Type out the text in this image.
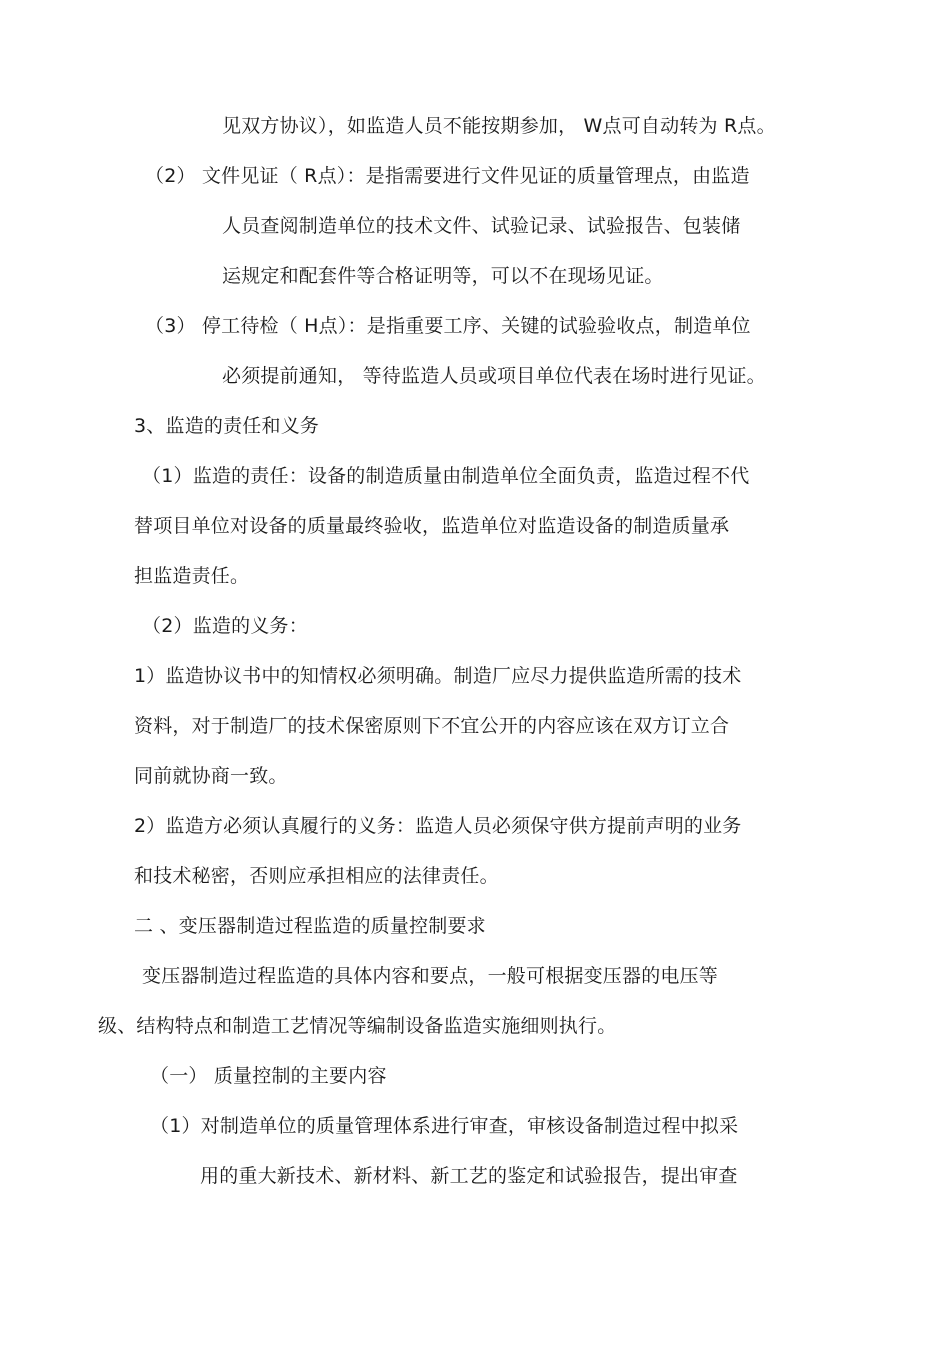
见双方协议），如监造人员不能按期参加， W点可自动转为 R点。
（2） 文件见证（ R点）：是指需要进行文件见证的质量管理点，由监造
人员查阅制造单位的技术文件、试验记录、试验报告、包装储
运规定和配套件等合格证明等，可以不在现场见证。
（3） 停工待检（ H点）：是指重要工序、关键的试验验收点，制造单位
必须提前通知， 等待监造人员或项目单位代表在场时进行见证。
3、监造的责任和义务
（1）监造的责任：设备的制造质量由制造单位全面负责，监造过程不代
替项目单位对设备的质量最终验收，监造单位对监造设备的制造质量承
担监造责任。
（2）监造的义务：
1）监造协议书中的知情权必须明确。制造厂应尽力提供监造所需的技术
资料，对于制造厂的技术保密原则下不宜公开的内容应该在双方订立合
同前就协商一致。
2）监造方必须认真履行的义务：监造人员必须保守供方提前声明的业务
和技术秘密，否则应承担相应的法律责任。
二 、变压器制造过程监造的质量控制要求
变压器制造过程监造的具体内容和要点，一般可根据变压器的电压等
级、结构特点和制造工艺情况等编制设备监造实施细则执行。
（一） 质量控制的主要内容
（1）对制造单位的质量管理体系进行审查，审核设备制造过程中拟采
用的重大新技术、新材料、新工艺的鉴定和试验报告，提出审查
